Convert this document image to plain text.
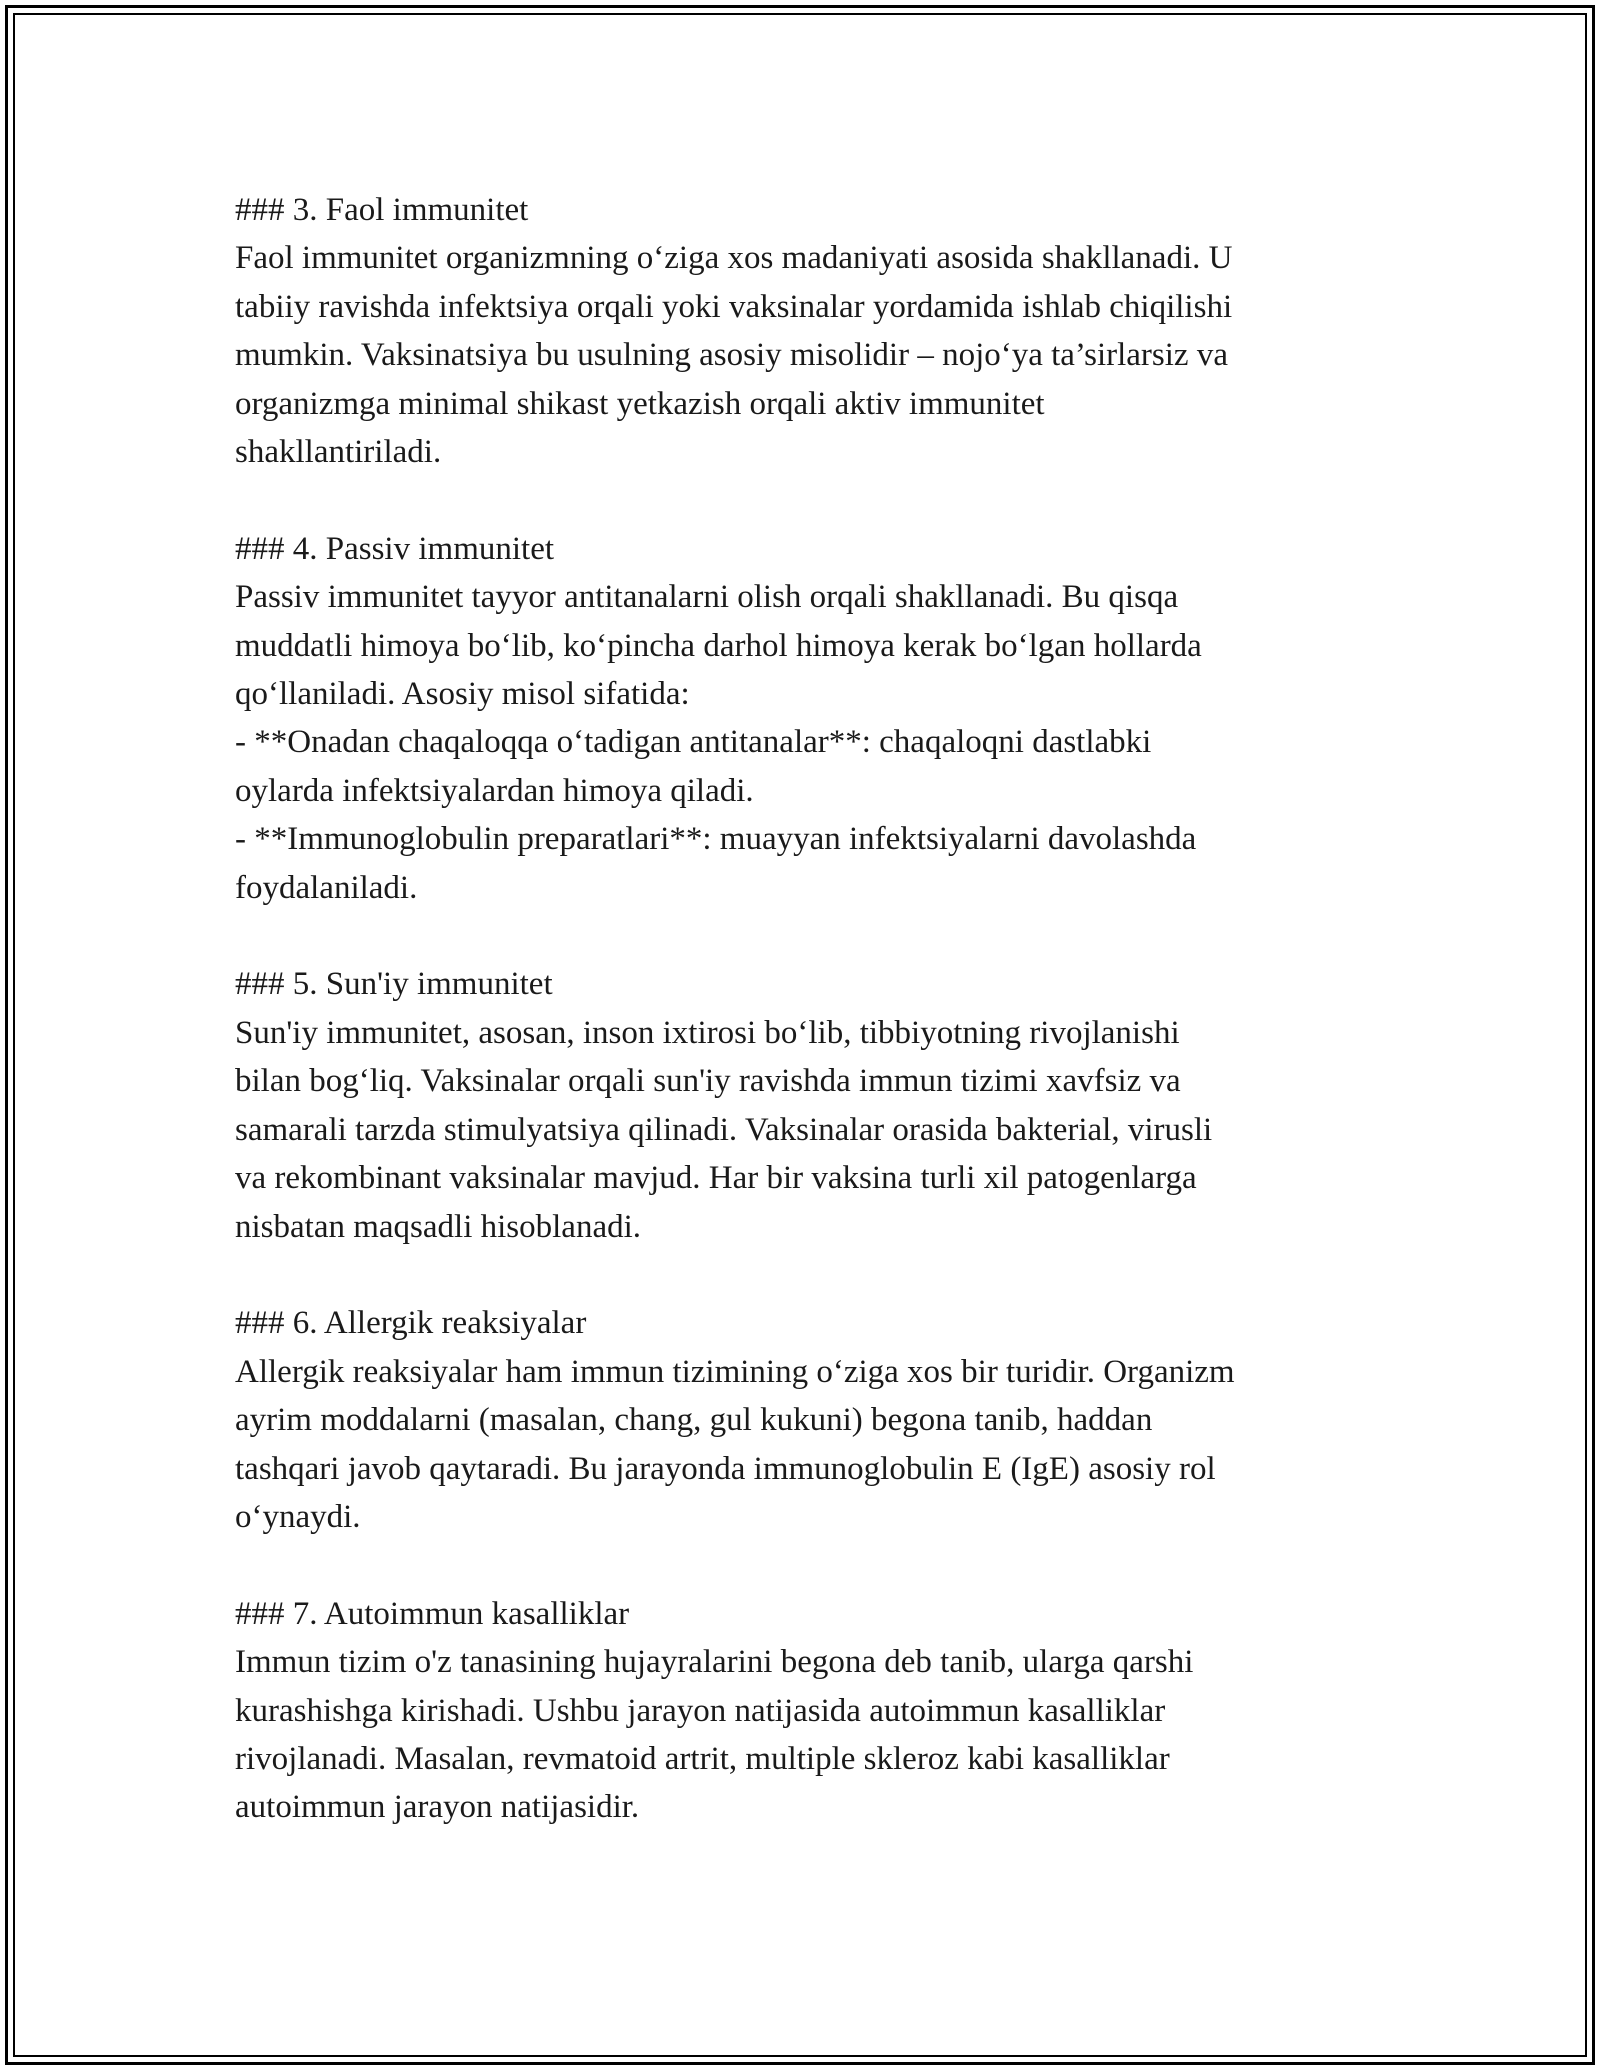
### 3. Faol immunitet

Faol immunitet organizmning o‘ziga xos madaniyati asosida shakllanadi. U
tabiiy ravishda infektsiya orqali yoki vaksinalar yordamida ishlab chiqilishi
mumkin. Vaksinatsiya bu usulning asosiy misolidir – nojo‘ya ta’sirlarsiz va
organizmga minimal shikast yetkazish orqali aktiv immunitet
shakllantiriladi.

### 4. Passiv immunitet

Passiv immunitet tayyor antitanalarni olish orqali shakllanadi. Bu qisqa
muddatli himoya bo‘lib, ko‘pincha darhol himoya kerak bo‘lgan hollarda
qo‘llaniladi. Asosiy misol sifatida:
- **Onadan chaqaloqqa o‘tadigan antitanalar**: chaqaloqni dastlabki
oylarda infektsiyalardan himoya qiladi.
- **Immunoglobulin preparatlari**: muayyan infektsiyalarni davolashda
foydalaniladi.

### 5. Sun'iy immunitet

Sun'iy immunitet, asosan, inson ixtirosi bo‘lib, tibbiyotning rivojlanishi
bilan bog‘liq. Vaksinalar orqali sun'iy ravishda immun tizimi xavfsiz va
samarali tarzda stimulyatsiya qilinadi. Vaksinalar orasida bakterial, virusli
va rekombinant vaksinalar mavjud. Har bir vaksina turli xil patogenlarga
nisbatan maqsadli hisoblanadi.

### 6. Allergik reaksiyalar

Allergik reaksiyalar ham immun tizimining o‘ziga xos bir turidir. Organizm
ayrim moddalarni (masalan, chang, gul kukuni) begona tanib, haddan
tashqari javob qaytaradi. Bu jarayonda immunoglobulin E (IgE) asosiy rol
o‘ynaydi.

### 7. Autoimmun kasalliklar

Immun tizim o'z tanasining hujayralarini begona deb tanib, ularga qarshi
kurashishga kirishadi. Ushbu jarayon natijasida autoimmun kasalliklar
rivojlanadi. Masalan, revmatoid artrit, multiple skleroz kabi kasalliklar
autoimmun jarayon natijasidir.
